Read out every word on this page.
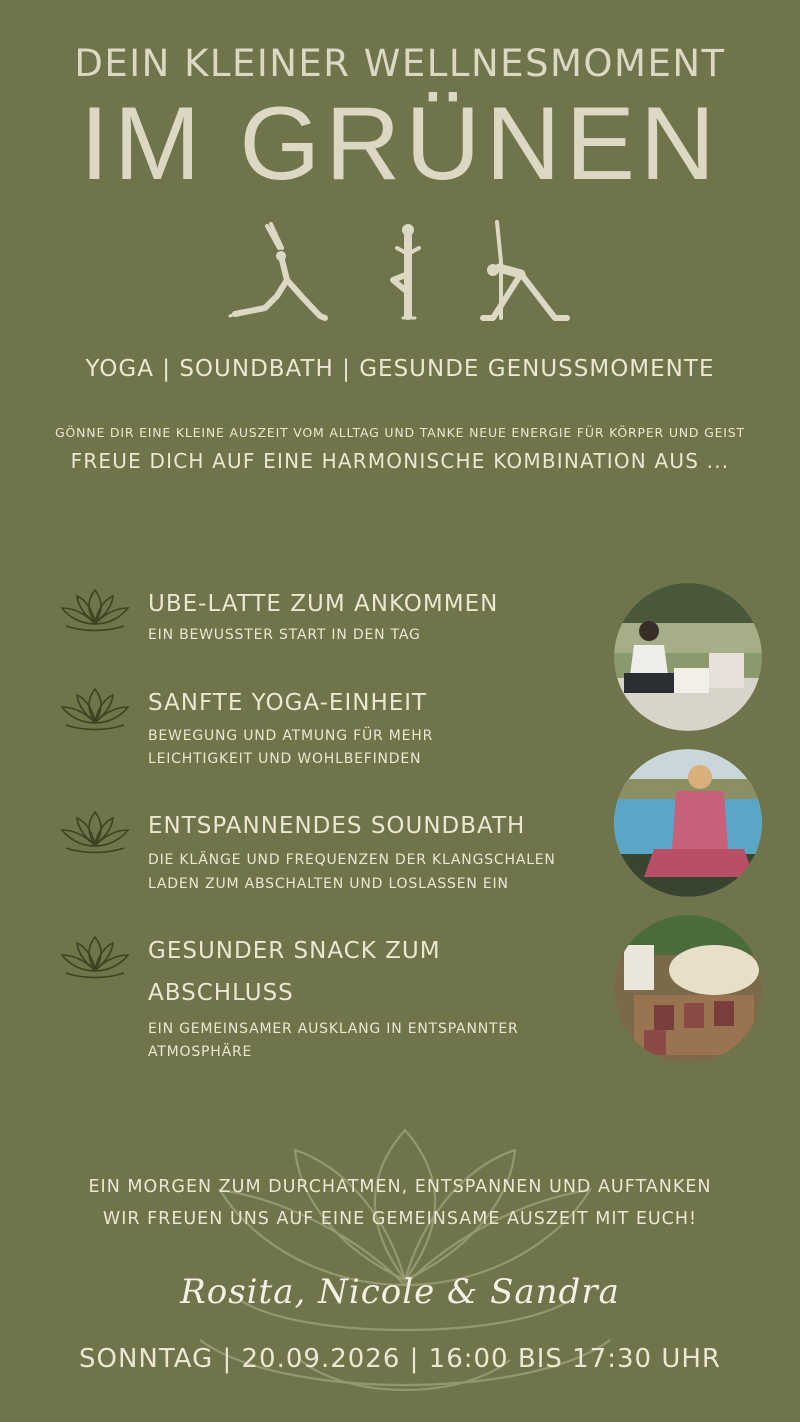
DEIN KLEINER WELLNESMOMENT
IM GRÜNEN
YOGA | SOUNDBATH | GESUNDE GENUSSMOMENTE
GÖNNE DIR EINE KLEINE AUSZEIT VOM ALLTAG UND TANKE NEUE ENERGIE FÜR KÖRPER UND GEIST
FREUE DICH AUF EINE HARMONISCHE KOMBINATION AUS ...
UBE-LATTE ZUM ANKOMMEN
EIN BEWUSSTER START IN DEN TAG
SANFTE YOGA-EINHEIT
BEWEGUNG UND ATMUNG FÜR MEHR
LEICHTIGKEIT UND WOHLBEFINDEN
ENTSPANNENDES SOUNDBATH
DIE KLÄNGE UND FREQUENZEN DER KLANGSCHALEN
LADEN ZUM ABSCHALTEN UND LOSLASSEN EIN
GESUNDER SNACK ZUM
ABSCHLUSS
EIN GEMEINSAMER AUSKLANG IN ENTSPANNTER
ATMOSPHÄRE
EIN MORGEN ZUM DURCHATMEN, ENTSPANNEN UND AUFTANKEN
WIR FREUEN UNS AUF EINE GEMEINSAME AUSZEIT MIT EUCH!
Rosita, Nicole & Sandra
SONNTAG | 20.09.2026 | 16:00 BIS 17:30 UHR
